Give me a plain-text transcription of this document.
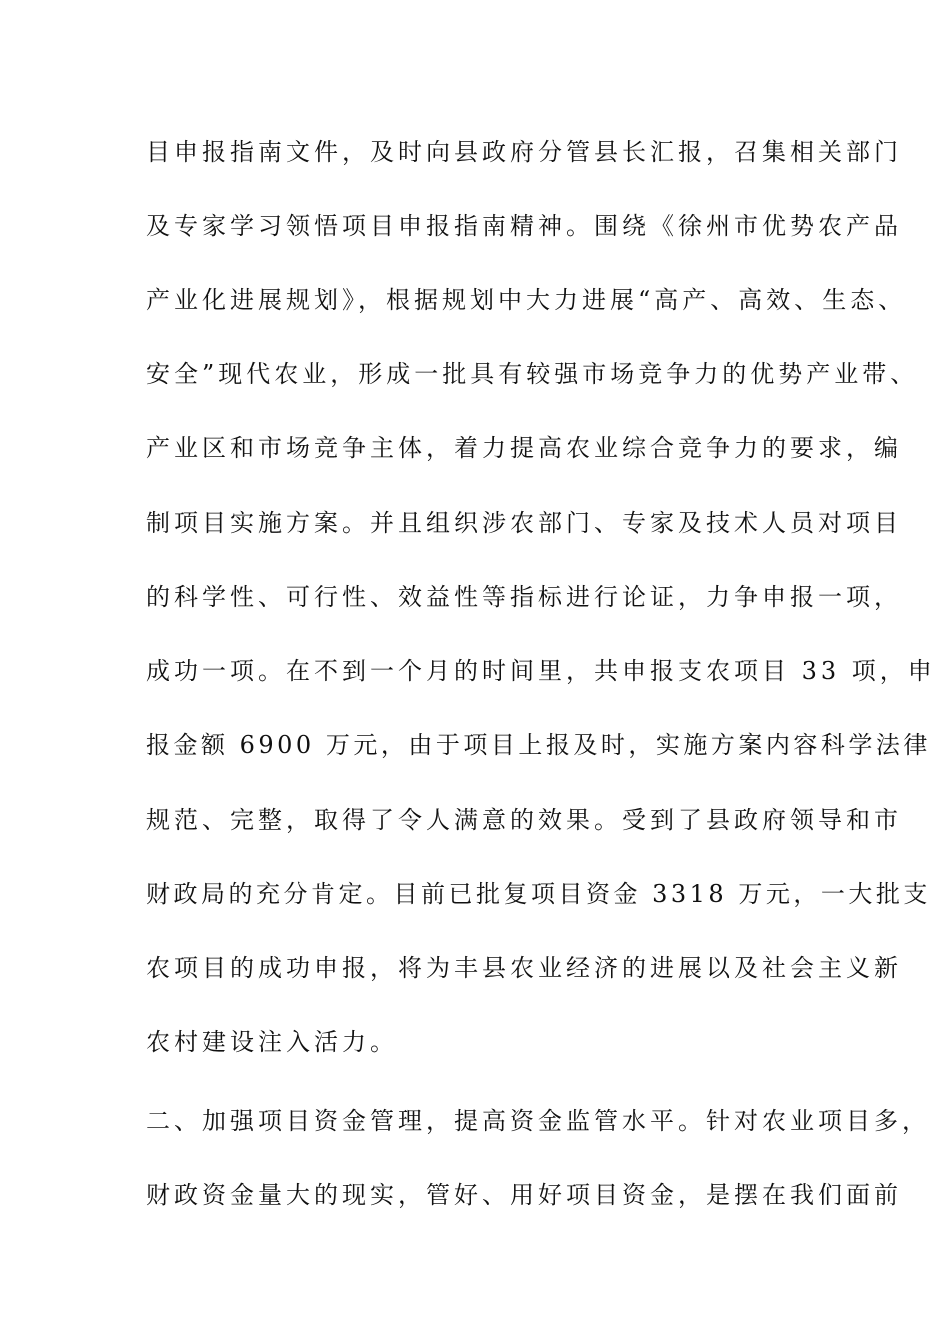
目申报指南文件，及时向县政府分管县长汇报，召集相关部门
及专家学习领悟项目申报指南精神。围绕《徐州市优势农产品
产业化进展规划》，根据规划中大力进展“高产、高效、生态、
安全”现代农业，形成一批具有较强市场竞争力的优势产业带、
产业区和市场竞争主体，着力提高农业综合竞争力的要求，编
制项目实施方案。并且组织涉农部门、专家及技术人员对项目
的科学性、可行性、效益性等指标进行论证，力争申报一项，
成功一项。在不到一个月的时间里，共申报支农项目 33 项，申
报金额 6900 万元，由于项目上报及时，实施方案内容科学法律
规范、完整，取得了令人满意的效果。受到了县政府领导和市
财政局的充分肯定。目前已批复项目资金 3318 万元，一大批支
农项目的成功申报，将为丰县农业经济的进展以及社会主义新
农村建设注入活力。
二、加强项目资金管理，提高资金监管水平。针对农业项目多，
财政资金量大的现实，管好、用好项目资金，是摆在我们面前
